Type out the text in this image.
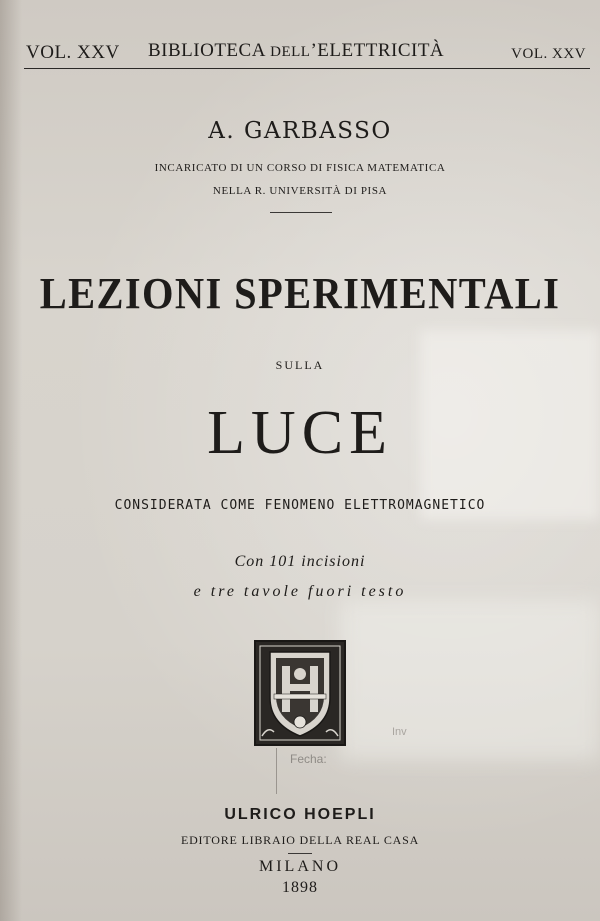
VOL. XXV BIBLIOTECA DELL’ELETTRICITÀ	VOL. XXV
A. GARBASSO
INCARICATO DI UN CORSO DI FISICA MATEMATICA
NELLA R. UNIVERSITÀ DI PISA
LEZIONI SPERIMENTALI
SULLA
LUCE
CONSIDERATA COME FENOMENO ELETTROMAGNETICO
Con 101 incisioni
e tre tavole fuori testo
Fecha:
Inv
ULRICO HOEPLI
EDITORE LIBRAIO DELLA REAL CASA
MILANO
1898
